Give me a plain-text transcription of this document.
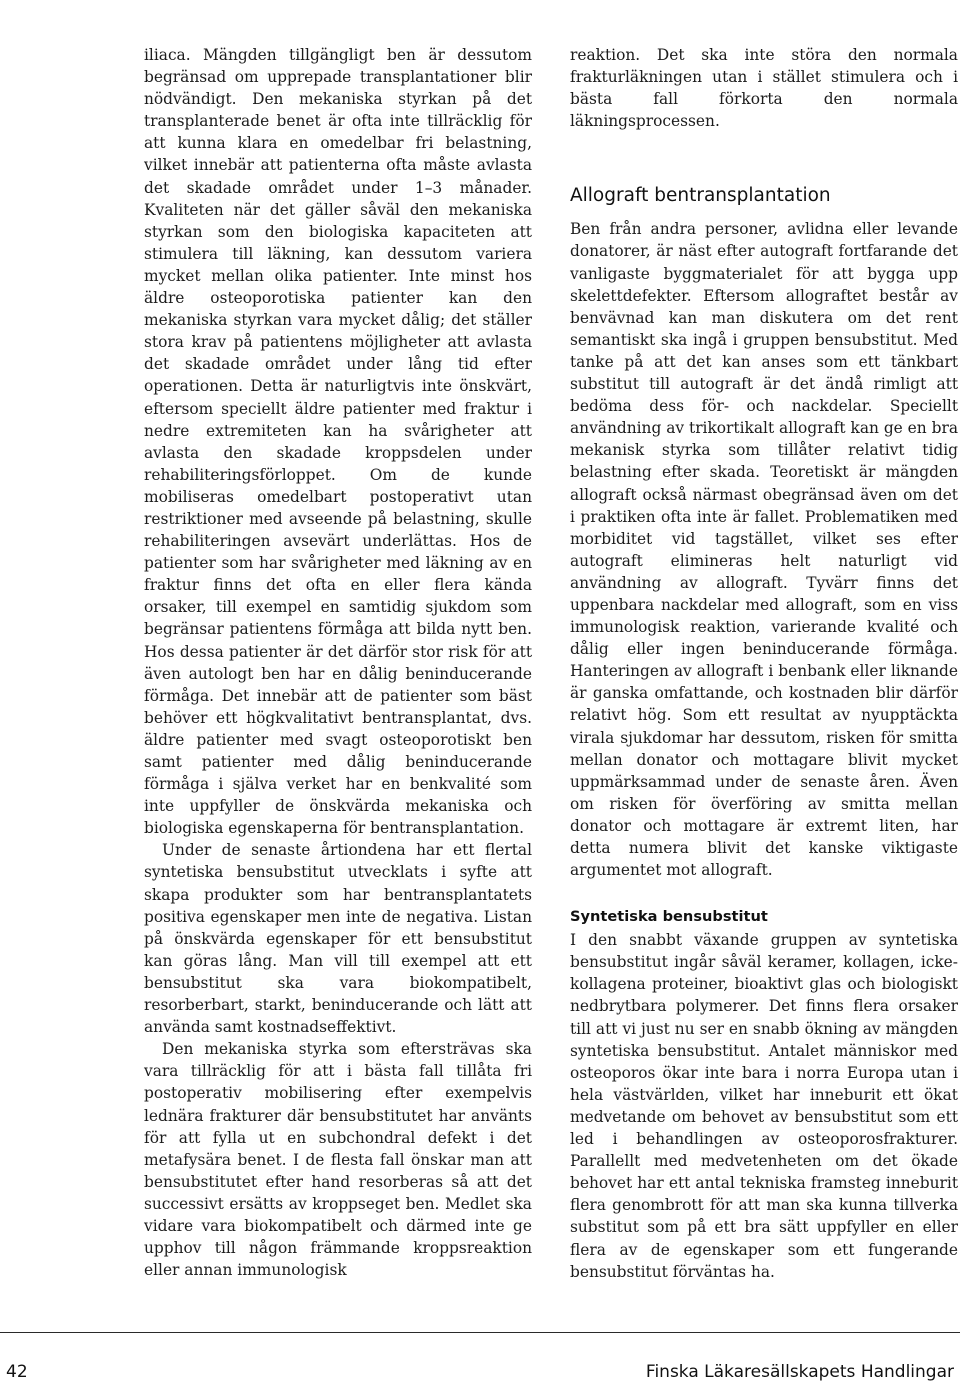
iliaca. Mängden tillgängligt ben är dessutom begränsad om upprepade transplantationer blir nödvändigt. Den mekaniska styrkan på det transplanterade benet är ofta inte tillräcklig för att kunna klara en omedelbar fri belastning, vilket innebär att patienterna ofta måste avlasta det skadade området under 1–3 månader. Kvaliteten när det gäller såväl den mekaniska styrkan som den biologiska kapaciteten att stimulera till läkning, kan dessutom variera mycket mellan olika patienter. Inte minst hos äldre osteoporotiska patienter kan den mekaniska styrkan vara mycket dålig; det ställer stora krav på patientens möjligheter att avlasta det skadade området under lång tid efter operationen. Detta är naturligtvis inte önskvärt, eftersom speciellt äldre patienter med fraktur i nedre extremiteten kan ha svårigheter att avlasta den skadade kroppsdelen under rehabiliteringsförloppet. Om de kunde mobiliseras omedelbart postoperativt utan restriktioner med avseende på belastning, skulle rehabiliteringen avsevärt underlättas. Hos de patienter som har svårigheter med läkning av en fraktur finns det ofta en eller flera kända orsaker, till exempel en samtidig sjukdom som begränsar patientens förmåga att bilda nytt ben. Hos dessa patienter är det därför stor risk för att även autologt ben har en dålig beninducerande förmåga. Det innebär att de patienter som bäst behöver ett högkvalitativt bentransplantat, dvs. äldre patienter med svagt osteoporotiskt ben samt patienter med dålig beninducerande förmåga i själva verket har en benkvalité som inte uppfyller de önskvärda mekaniska och biologiska egenskaperna för bentransplantation.

Under de senaste årtiondena har ett flertal syntetiska bensubstitut utvecklats i syfte att skapa produkter som har bentransplantatets positiva egenskaper men inte de negativa. Listan på önskvärda egenskaper för ett bensubstitut kan göras lång. Man vill till exempel att ett bensubstitut ska vara biokompatibelt, resorberbart, starkt, beninducerande och lätt att använda samt kostnadseffektivt.

Den mekaniska styrka som eftersträvas ska vara tillräcklig för att i bästa fall tillåta fri postoperativ mobilisering efter exempelvis lednära frakturer där bensubstitutet har använts för att fylla ut en subchondral defekt i det metafysära benet. I de flesta fall önskar man att bensubstitutet efter hand resorberas så att det successivt ersätts av kroppseget ben. Medlet ska vidare vara biokompatibelt och därmed inte ge upphov till någon främmande kroppsreaktion eller annan immunologisk

reaktion. Det ska inte störa den normala frakturläkningen utan i stället stimulera och i bästa fall förkorta den normala läkningsprocessen.

Allograft bentransplantation

Ben från andra personer, avlidna eller levande donatorer, är näst efter autograft fortfarande det vanligaste byggmaterialet för att bygga upp skelettdefekter. Eftersom allograftet består av benvävnad kan man diskutera om det rent semantiskt ska ingå i gruppen bensubstitut. Med tanke på att det kan anses som ett tänkbart substitut till autograft är det ändå rimligt att bedöma dess för- och nackdelar. Speciellt användning av trikortikalt allograft kan ge en bra mekanisk styrka som tillåter relativt tidig belastning efter skada. Teoretiskt är mängden allograft också närmast obegränsad även om det i praktiken ofta inte är fallet. Problematiken med morbiditet vid tagstället, vilket ses efter autograft elimineras helt naturligt vid användning av allograft. Tyvärr finns det uppenbara nackdelar med allograft, som en viss immunologisk reaktion, varierande kvalité och dålig eller ingen beninducerande förmåga. Hanteringen av allograft i benbank eller liknande är ganska omfattande, och kostnaden blir därför relativt hög. Som ett resultat av nyupptäckta virala sjukdomar har dessutom, risken för smitta mellan donator och mottagare blivit mycket uppmärksammad under de senaste åren. Även om risken för överföring av smitta mellan donator och mottagare är extremt liten, har detta numera blivit det kanske viktigaste argumentet mot allograft.

Syntetiska bensubstitut

I den snabbt växande gruppen av syntetiska bensubstitut ingår såväl keramer, kollagen, icke-kollagena proteiner, bioaktivt glas och biologiskt nedbrytbara polymerer. Det finns flera orsaker till att vi just nu ser en snabb ökning av mängden syntetiska bensubstitut. Antalet människor med osteoporos ökar inte bara i norra Europa utan i hela västvärlden, vilket har inneburit ett ökat medvetande om behovet av bensubstitut som ett led i behandlingen av osteoporosfrakturer. Parallellt med medvetenheten om det ökade behovet har ett antal tekniska framsteg inneburit flera genombrott för att man ska kunna tillverka substitut som på ett bra sätt uppfyller en eller flera av de egenskaper som ett fungerande bensubstitut förväntas ha.

42	Finska Läkaresällskapets Handlingar
